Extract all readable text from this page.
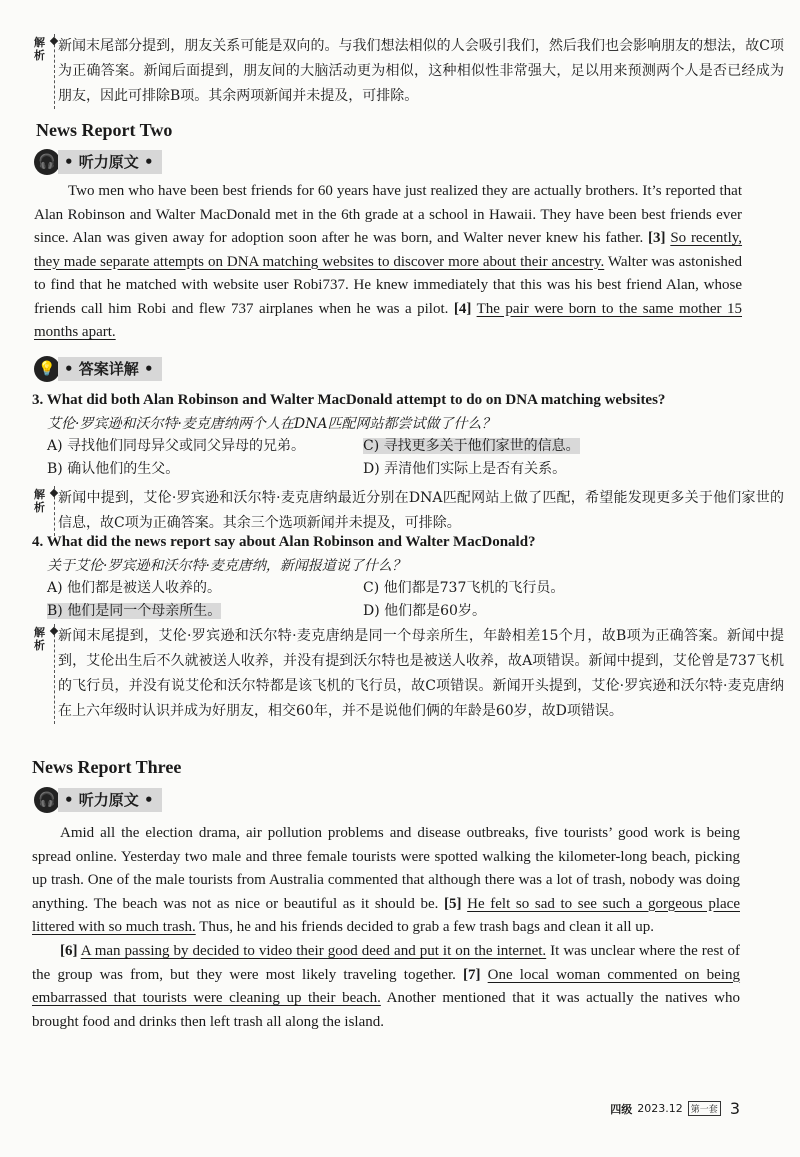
解析

新闻末尾部分提到，朋友关系可能是双向的。与我们想法相似的人会吸引我们，然后我们也会影响朋友的想法，故C项为正确答案。新闻后面提到，朋友间的大脑活动更为相似，这种相似性非常强大，足以用来预测两个人是否已经成为朋友，因此可排除B项。其余两项新闻并未提及，可排除。

News Report Two
🎧 • 听力原文 •

Two men who have been best friends for 60 years have just realized they are actually brothers. It’s reported that Alan Robinson and Walter MacDonald met in the 6th grade at a school in Hawaii. They have been best friends ever since. Alan was given away for adoption soon after he was born, and Walter never knew his father. [3] So recently, they made separate attempts on DNA matching websites to discover more about their ancestry. Walter was astonished to find that he matched with website user Robi737. He knew immediately that this was his best friend Alan, whose friends call him Robi and flew 737 airplanes when he was a pilot. [4] The pair were born to the same mother 15 months apart.

💡 • 答案详解 •

3. What did both Alan Robinson and Walter MacDonald attempt to do on DNA matching websites?

艾伦·罗宾逊和沃尔特·麦克唐纳两个人在DNA匹配网站都尝试做了什么？

A) 寻找他们同母异父或同父异母的兄弟。	C) 寻找更多关于他们家世的信息。
B) 确认他们的生父。	D) 弄清他们实际上是否有关系。
解析

新闻中提到，艾伦·罗宾逊和沃尔特·麦克唐纳最近分别在DNA匹配网站上做了匹配，希望能发现更多关于他们家世的信息，故C项为正确答案。其余三个选项新闻并未提及，可排除。

4. What did the news report say about Alan Robinson and Walter MacDonald?

关于艾伦·罗宾逊和沃尔特·麦克唐纳，新闻报道说了什么？

A) 他们都是被送人收养的。	C) 他们都是737飞机的飞行员。
B) 他们是同一个母亲所生。	D) 他们都是60岁。
解析

新闻末尾提到，艾伦·罗宾逊和沃尔特·麦克唐纳是同一个母亲所生，年龄相差15个月，故B项为正确答案。新闻中提到，艾伦出生后不久就被送人收养，并没有提到沃尔特也是被送人收养，故A项错误。新闻中提到，艾伦曾是737飞机的飞行员，并没有说艾伦和沃尔特都是该飞机的飞行员，故C项错误。新闻开头提到，艾伦·罗宾逊和沃尔特·麦克唐纳在上六年级时认识并成为好朋友，相交60年，并不是说他们俩的年龄是60岁，故D项错误。

News Report Three
🎧 • 听力原文 •

Amid all the election drama, air pollution problems and disease outbreaks, five tourists’ good work is being spread online. Yesterday two male and three female tourists were spotted walking the kilometer-long beach, picking up trash. One of the male tourists from Australia commented that although there was a lot of trash, nobody was doing anything. The beach was not as nice or beautiful as it should be. [5] He felt so sad to see such a gorgeous place littered with so much trash. Thus, he and his friends decided to grab a few trash bags and clean it all up.

[6] A man passing by decided to video their good deed and put it on the internet. It was unclear where the rest of the group was from, but they were most likely traveling together. [7] One local woman commented on being embarrassed that tourists were cleaning up their beach. Another mentioned that it was actually the natives who brought food and drinks then left trash all along the island.

四级 2023.12 第一套 3
